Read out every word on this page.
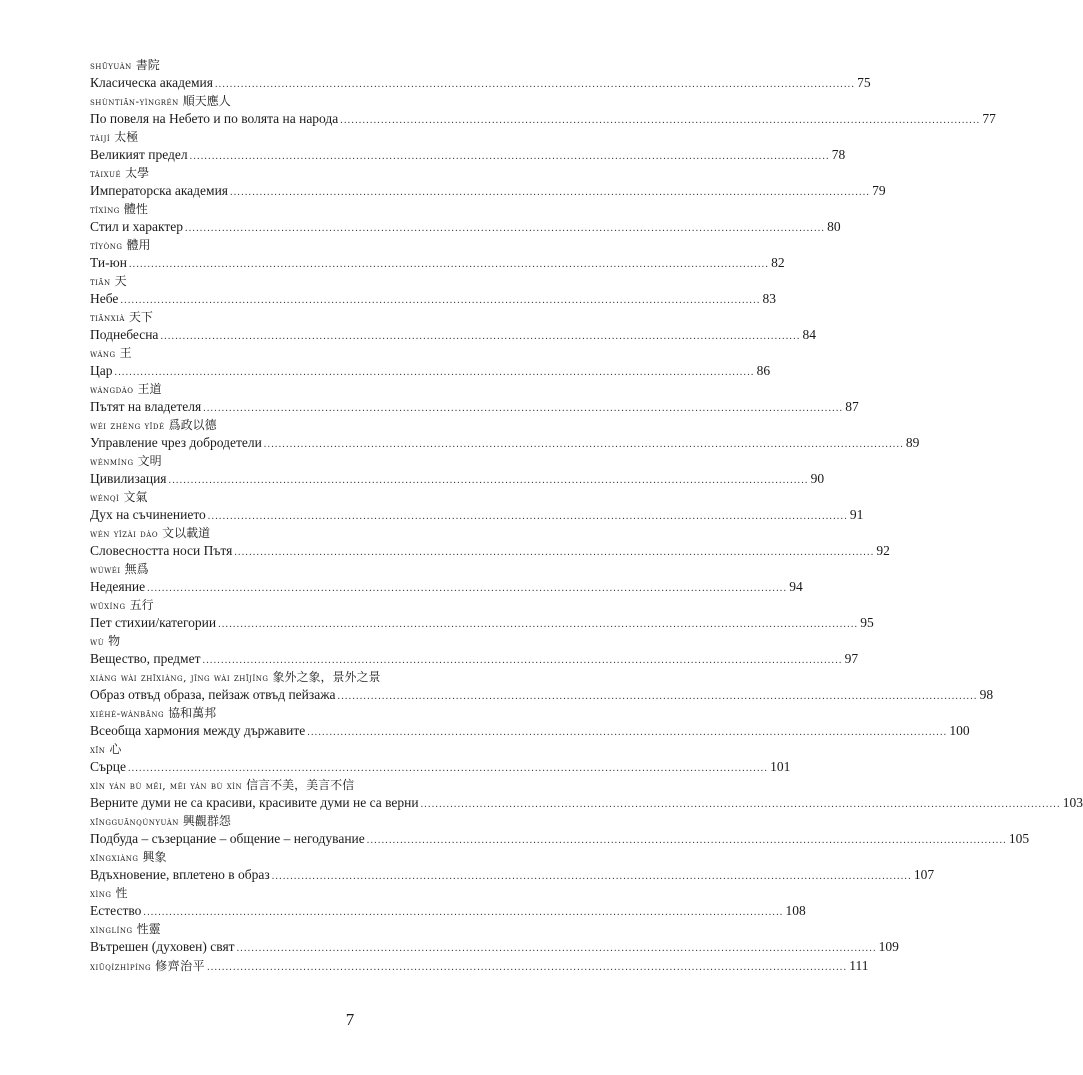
shūyuàn 書院
Класическа академия ............................................................................................................................................................................. 75
shùntiān-yìngrén 順天應人
По повеля на Небето и по волята на народа ............................................................................................................................................................................. 77
tàijí 太極
Великият предел ............................................................................................................................................................................. 78
tàixué 太學
Императорска академия ............................................................................................................................................................................. 79
tǐxìng 體性
Стил и характер ............................................................................................................................................................................. 80
tǐyòng 體用
Ти-юн ............................................................................................................................................................................. 82
tiān 天
Небе ............................................................................................................................................................................. 83
tiānxià 天下
Поднебесна ............................................................................................................................................................................. 84
wáng 王
Цар ............................................................................................................................................................................. 86
wángdào 王道
Пътят на владетеля ............................................................................................................................................................................. 87
wéi zhèng yǐdé 爲政以德
Управление чрез добродетели ............................................................................................................................................................................. 89
wénmíng 文明
Цивилизация ............................................................................................................................................................................. 90
wénqì 文氣
Дух на съчинението ............................................................................................................................................................................. 91
wén yǐzài dào 文以載道
Словесността носи Пътя ............................................................................................................................................................................. 92
wúwéi 無爲
Недеяние ............................................................................................................................................................................. 94
wǔxíng 五行
Пет стихии/категории ............................................................................................................................................................................. 95
wù 物
Вещество, предмет ............................................................................................................................................................................. 97
xiàng wài zhīxiàng, jǐng wài zhījǐng 象外之象，景外之景
Образ отвъд образа, пейзаж отвъд пейзажа ............................................................................................................................................................................. 98
xiéhé-wànbāng 協和萬邦
Всеобща хармония между държавите ............................................................................................................................................................................. 100
xīn 心
Сърце ............................................................................................................................................................................. 101
xìn yán bù měi, měi yán bù xìn 信言不美，美言不信
Верните думи не са красиви, красивите думи не са верни ............................................................................................................................................................................. 103
xīngguānqúnyuàn 興觀群怨
Подбуда – съзерцание – общение – негодувание ............................................................................................................................................................................. 105
xīngxiàng 興象
Вдъхновение, вплетено в образ ............................................................................................................................................................................. 107
xìng 性
Естество ............................................................................................................................................................................. 108
xìnglíng 性靈
Вътрешен (духовен) свят ............................................................................................................................................................................. 109
xiūqízhìpíng 修齊治平 ............................................................................................................................................................................. 111
7
